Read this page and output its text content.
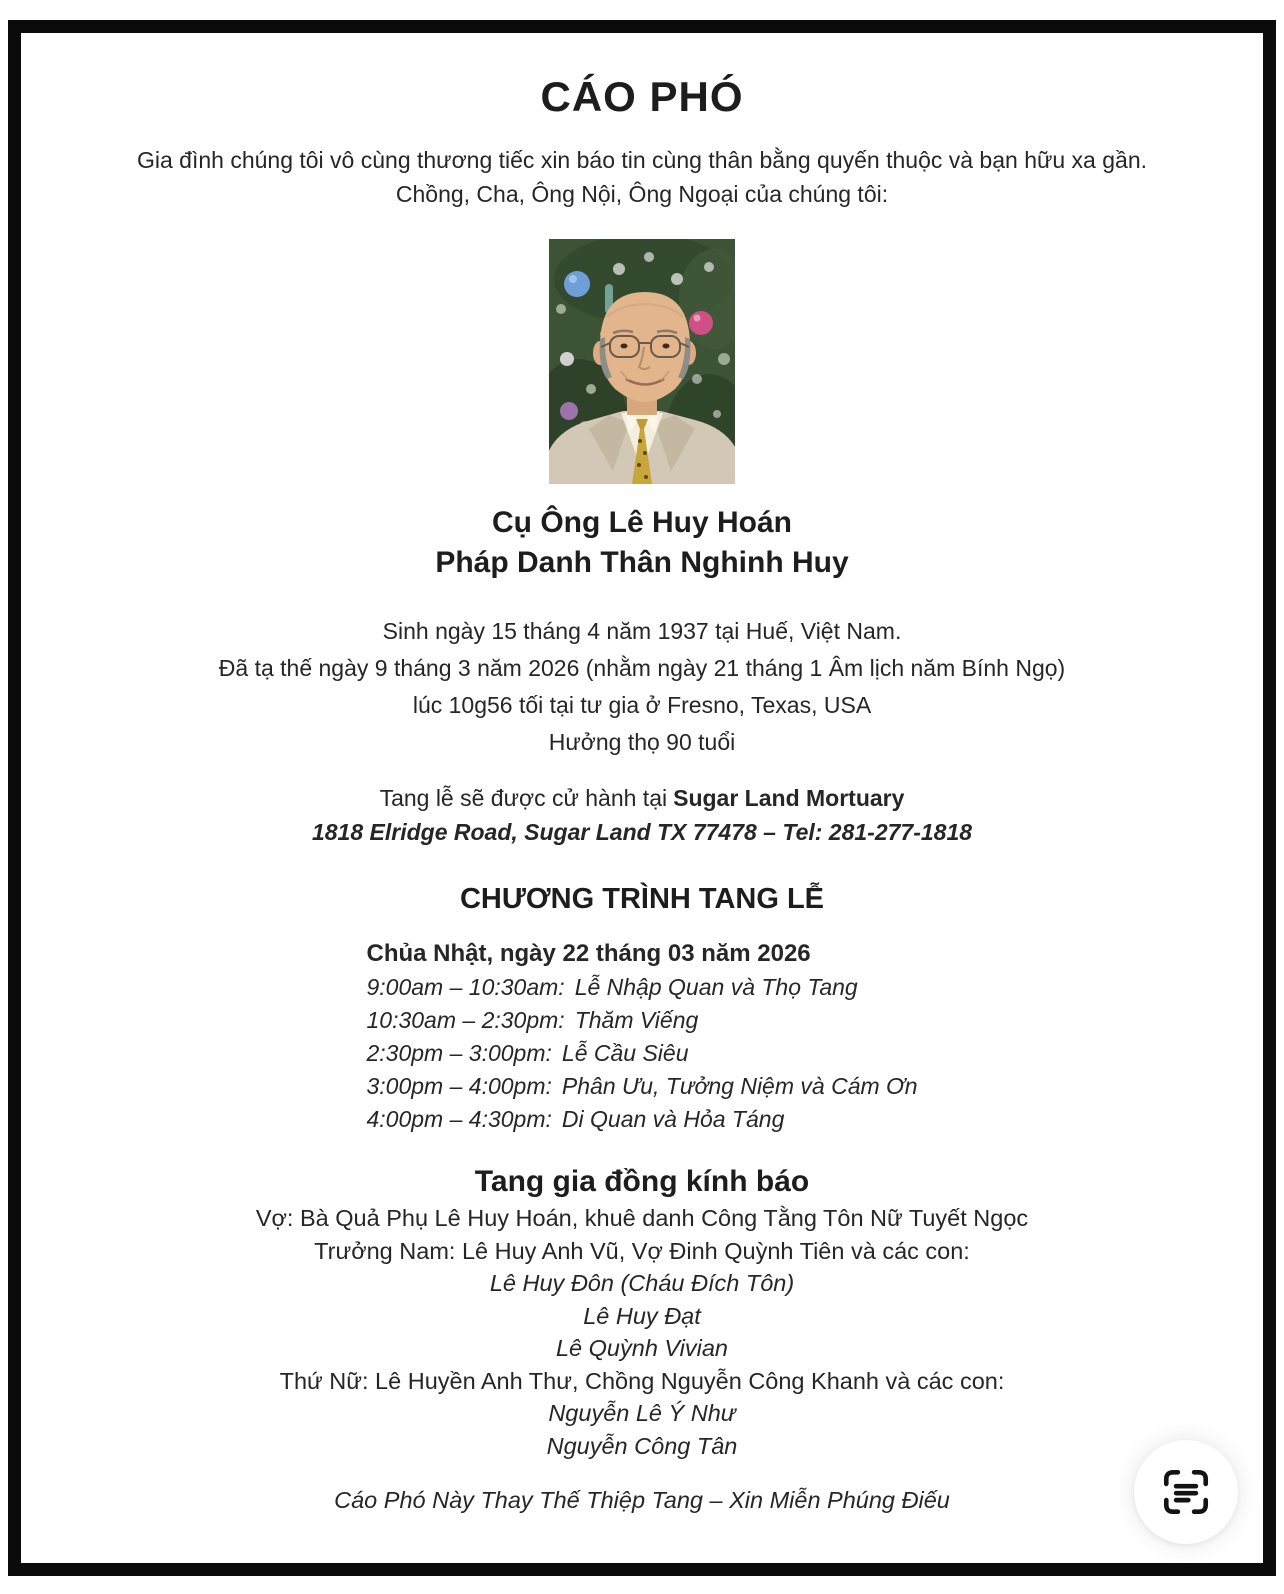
CÁO PHÓ
Gia đình chúng tôi vô cùng thương tiếc xin báo tin cùng thân bằng quyến thuộc và bạn hữu xa gần.
Chồng, Cha, Ông Nội, Ông Ngoại của chúng tôi:
Cụ Ông Lê Huy Hoán
Pháp Danh Thân Nghinh Huy
Sinh ngày 15 tháng 4 năm 1937 tại Huế, Việt Nam.
Đã tạ thế ngày 9 tháng 3 năm 2026 (nhằm ngày 21 tháng 1 Âm lịch năm Bính Ngọ)
lúc 10g56 tối tại tư gia ở Fresno, Texas, USA
Hưởng thọ 90 tuổi
Tang lễ sẽ được cử hành tại Sugar Land Mortuary
1818 Elridge Road, Sugar Land TX 77478 – Tel: 281-277-1818
CHƯƠNG TRÌNH TANG LỄ
Chủa Nhật, ngày 22 tháng 03 năm 2026
9:00am – 10:30am: Lễ Nhập Quan và Thọ Tang
10:30am – 2:30pm: Thăm Viếng
2:30pm – 3:00pm: Lễ Cầu Siêu
3:00pm – 4:00pm: Phân Ưu, Tưởng Niệm và Cám Ơn
4:00pm – 4:30pm: Di Quan và Hỏa Táng
Tang gia đồng kính báo
Vợ: Bà Quả Phụ Lê Huy Hoán, khuê danh Công Tằng Tôn Nữ Tuyết Ngọc
Trưởng Nam: Lê Huy Anh Vũ, Vợ Đinh Quỳnh Tiên và các con:
Lê Huy Đôn (Cháu Đích Tôn)
Lê Huy Đạt
Lê Quỳnh Vivian
Thứ Nữ: Lê Huyền Anh Thư, Chồng Nguyễn Công Khanh và các con:
Nguyễn Lê Ý Như
Nguyễn Công Tân
Cáo Phó Này Thay Thế Thiệp Tang – Xin Miễn Phúng Điếu
